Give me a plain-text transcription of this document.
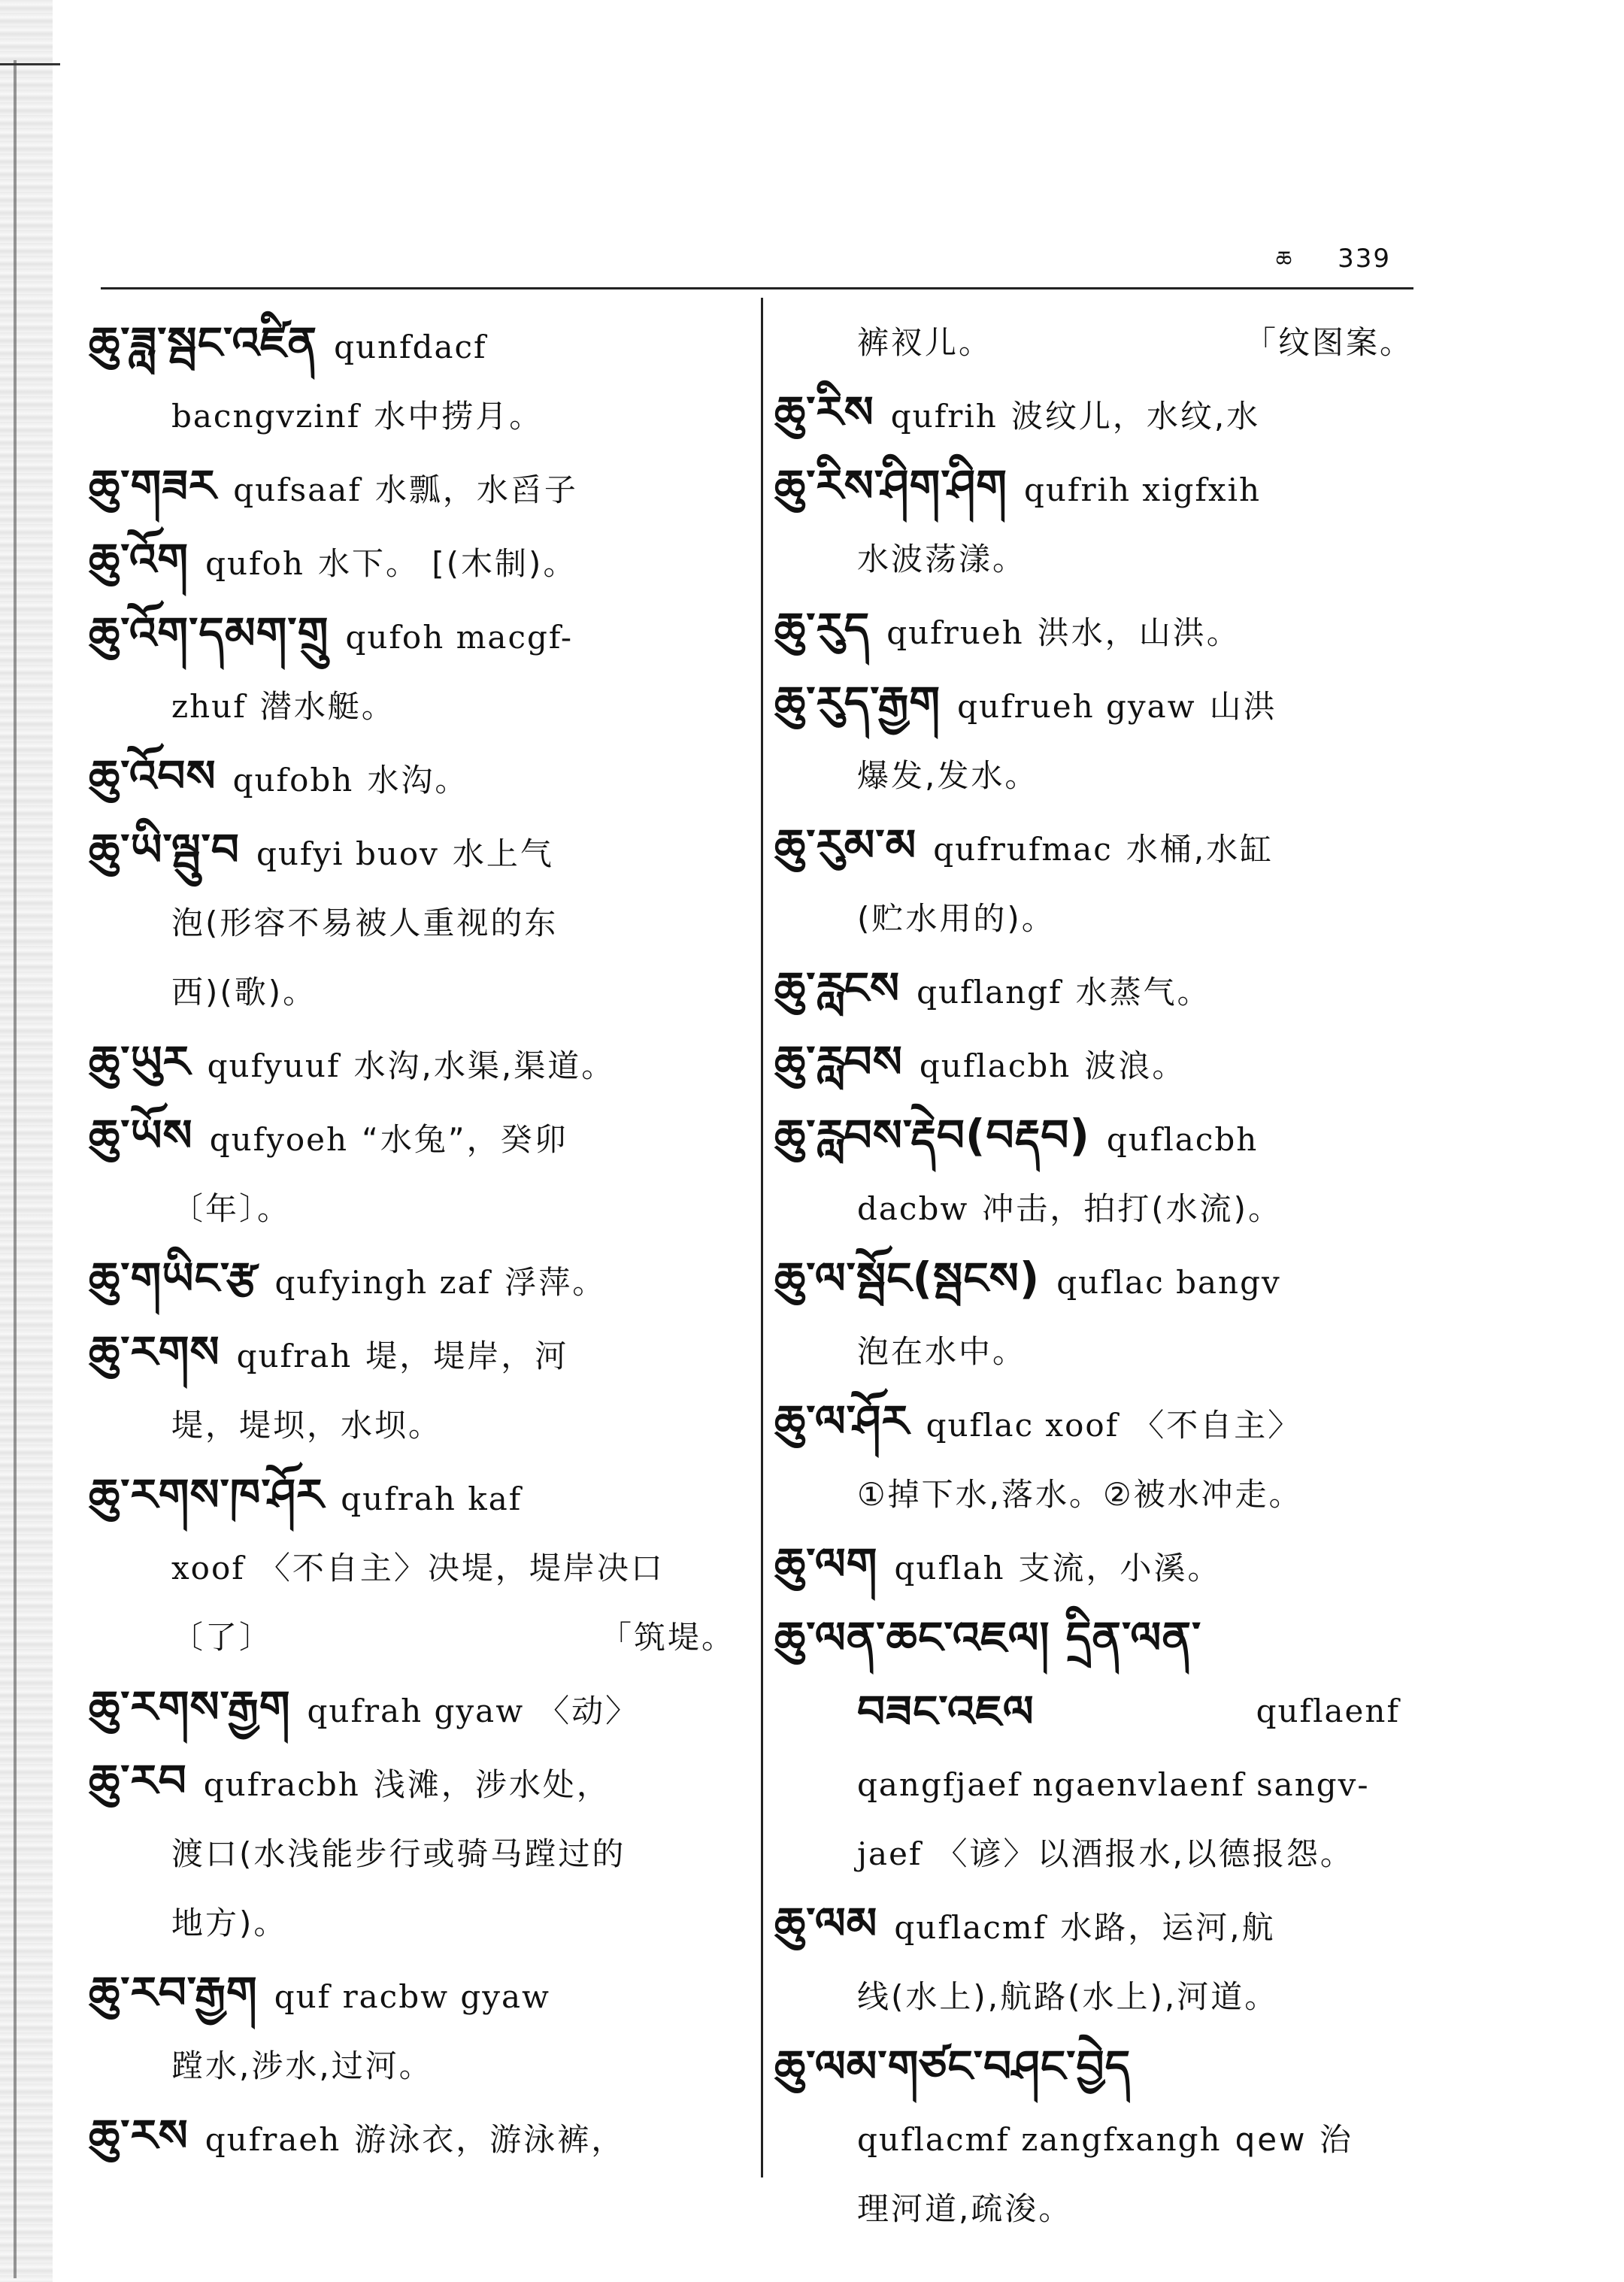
ཆ 339

ཆུ་ཟླ་སྦང་འཛིན qunfdacf

bacngvzinf 水中捞月。

ཆུ་གཟར qufsaaf 水瓢，水舀子

ཆུ་འོག qufoh 水下。 [(木制)。

ཆུ་འོག་དམག་གྲུ qufoh macgf-

zhuf 潜水艇。

ཆུ་འོབས qufobh 水沟。

ཆུ་ཡི་ལྦུ་བ qufyi buov 水上气

泡(形容不易被人重视的东

西)(歌)。

ཆུ་ཡུར qufyuuf 水沟,水渠,渠道。

ཆུ་ཡོས qufyoeh “水兔”，癸卯

〔年〕。

ཆུ་གཡིང་རྩ qufyingh zaf 浮萍。

ཆུ་རགས qufrah 堤，堤岸，河

堤，堤坝，水坝。

ཆུ་རགས་ཁ་ཤོར qufrah kaf

xoof 〈不自主〉决堤，堤岸决口

〔了〕	「筑堤。

ཆུ་རགས་རྒྱག qufrah gyaw 〈动〉

ཆུ་རབ qufracbh 浅滩，涉水处，

渡口(水浅能步行或骑马蹚过的

地方)。

ཆུ་རབ་རྒྱག quf racbw gyaw

蹚水,涉水,过河。

ཆུ་རས qufraeh 游泳衣，游泳裤，

裤衩儿。	「纹图案。

ཆུ་རིས qufrih 波纹儿，水纹,水

ཆུ་རིས་ཤིག་ཤིག qufrih xigfxih

水波荡漾。

ཆུ་རུད qufrueh 洪水，山洪。

ཆུ་རུད་རྒྱག qufrueh gyaw 山洪

爆发,发水。

ཆུ་རུམ་མ qufrufmac 水桶,水缸

(贮水用的)。

ཆུ་རླངས quflangf 水蒸气。

ཆུ་རླབས quflacbh 波浪。

ཆུ་རླབས་རྡེབ(བརྡབ) quflacbh

dacbw 冲击，拍打(水流)。

ཆུ་ལ་སྦོང(སྦངས) quflac bangv

泡在水中。

ཆུ་ལ་ཤོར quflac xoof 〈不自主〉

①掉下水,落水。②被水冲走。

ཆུ་ལག quflah 支流，小溪。

ཆུ་ལན་ཆང་འཇལ། དྲིན་ལན་

བཟང་འཇལ	quflaenf

qangfjaef ngaenvlaenf sangv-

jaef 〈谚〉以酒报水,以德报怨。

ཆུ་ལམ quflacmf 水路，运河,航

线(水上),航路(水上),河道。

ཆུ་ལམ་གཙང་བཤང་བྱེད

quflacmf zangfxangh qew 治

理河道,疏浚。
